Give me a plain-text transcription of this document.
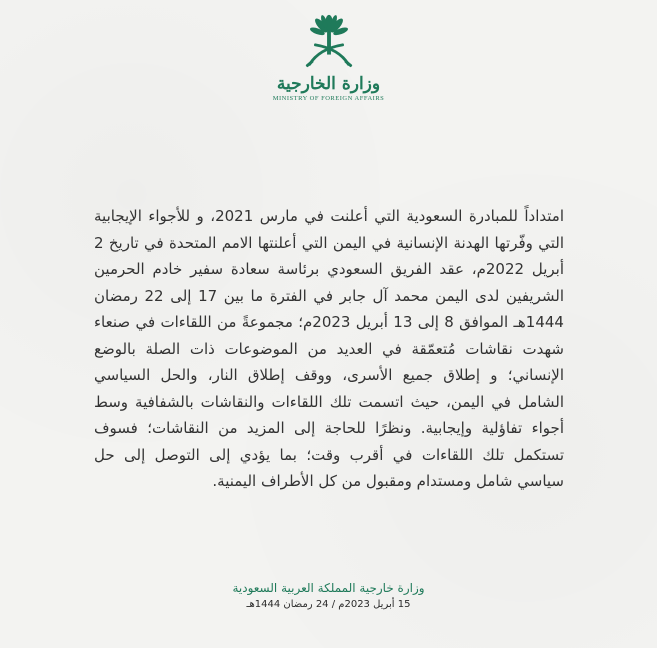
وزارة الخارجية
MINISTRY OF FOREIGN AFFAIRS

امتداداً للمبادرة السعودية التي أعلنت في مارس 2021، و للأجواء الإيجابية التي وفّرتها الهدنة الإنسانية في اليمن التي أعلنتها الامم المتحدة في تاريخ 2 أبريل 2022م، عقد الفريق السعودي برئاسة سعادة سفير خادم الحرمين الشريفين لدى اليمن محمد آل جابر في الفترة ما بين 17 إلى 22 رمضان 1444هـ الموافق 8 إلى 13 أبريل 2023م؛ مجموعةً من اللقاءات في صنعاء شهدت نقاشات مُتعمّقة في العديد من الموضوعات ذات الصلة بالوضع الإنساني؛ و إطلاق جميع الأسرى، ووقف إطلاق النار، والحل السياسي الشامل في اليمن، حيث اتسمت تلك اللقاءات والنقاشات بالشفافية وسط أجواء تفاؤلية وإيجابية. ونظرًا للحاجة إلى المزيد من النقاشات؛ فسوف تستكمل تلك اللقاءات في أقرب وقت؛ بما يؤدي إلى التوصل إلى حل سياسي شامل ومستدام ومقبول من كل الأطراف اليمنية.

وزارة خارجية المملكة العربية السعودية
15 أبريل 2023م / 24 رمضان 1444هـ
